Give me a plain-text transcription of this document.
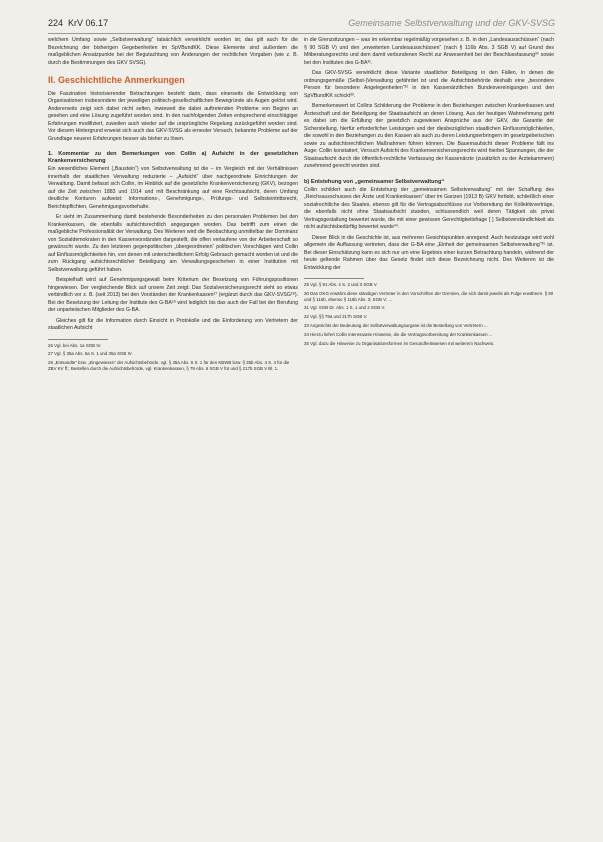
224 KrV 06.17	Gemeinsame Selbstverwaltung und der GKV-SVSG

welchem Umfang sowie „Selbstverwaltung“ tatsächlich verwirklicht worden ist; das gilt auch für die Bezeichnung der bisherigen Gegebenheiten im SpVBundKK. Diese Elemente sind außerdem die maßgeblichen Ansatzpunkte bei der Begutachtung von Änderungen der rechtlichen Vorgaben (wie z. B. durch die Bestimmungen des GKV SVSG).

II. Geschichtliche Anmerkungen

Die Faszination historisierender Betrachtungen besteht darin, dass einerseits die Entwicklung von Organisationen insbesondere der jeweiligen politisch-gesellschaftlichen Bewegründe als Augen gelöst wird. Andererseits zeigt sich dabei nicht selten, inwieweit die dabei auftretenden Probleme von Beginn an gesehen und eine Lösung zugeführt worden sind. In den nachfolgenden Zeiten entsprechend einschlägiger Erfahrungen modifiziert, zuweilen auch wieder auf die ursprüngliche Regelung zurückgeführt worden sind. Vor diesem Hintergrund erweist sich auch das GKV-SVSG als erneuter Versuch, bekannte Probleme auf der Grundlage neuerer Erfahrungen besser als bisher zu lösen.

1. Kommentar zu den Bemerkungen von Collin a) Aufsicht in der gesetzlichen Krankenversicherung

Ein wesentliches Element („Baustein“) von Selbstverwaltung ist die – im Vergleich mit der Verhältnissen innerhalb der staatlichen Verwaltung reduzierte – „Aufsicht“ über nachgeordnete Einrichtungen der Verwaltung. Damit befasst sich Collin, im Hinblick auf die gesetzliche Krankenversicherung (GKV), bezogen auf die Zeit zwischen 1883 und 1914 und mit Beschränkung auf eine Rechtsaufsicht, deren Umfang deutliche Konturen aufweist: Informations-, Genehmigungs-, Prüfungs- und Selbsteintrittsrecht, Berichtspflichten, Genehmigungsvorbehalte.

Er sieht im Zusammenhang damit bestehende Besonderheiten zu den personalen Problemen bei den Krankenkassen, die ebenfalls aufsichtsrechtlich angegangen worden. Das betrifft zum einen die maßgebliche Professionalität der Verwaltung. Des Weiteren wird die Beobachtung unmittelbar der Dominanz von Sozialdemokraten in den Kassenvorständen dargestellt, die offen verlaufene von der Arbeiterschaft so gewünscht wurde. Zu den letzteren gegenpolitischen „übergeordneten“ politischen Vorschlägen wird Collin auf Einflussmöglichkeiten hin, von denen mit unterschiedlichem Erfolg Gebrauch gemacht worden ist und die zum Rückgang aufsichtsrechtlicher Beteiligung am Verwaltungsgeschehen in einer Institution mit Selbstverwaltung geführt haben.

Beispielhaft wird auf Genehmigungsgewalt beim Kriterium der Besetzung von Führungspositionen hingewiesen. Der vergleichende Blick auf unsere Zeit zeigt: Das Sozialversicherungsrecht sieht so etwas verbindlich vor z. B. (seit 2013) bei den Vorständen der Krankenkassen²⁷ (ergänzt durch das GKV-SVSG²⁸). Bei der Besetzung der Leitung der Institute des G-BA²⁹ wird lediglich bis das auch der Fall bei der Berufung der unparteiischen Mitglieder des G-BA.

Gleiches gilt für die Information durch Einsicht in Protokolle und die Einforderung von Vertretern der staatlichen Aufsicht

26 Vgl. bei Abs. 1a SGB IV.

27 Vgl. § 35a Abs. 6a S. 1 und 35a SGB IV.

28 „Entsandte“ bzw. „Eingewiesen“ der Aufsichtsbehörde, vgl. § 35a Abs. 6 S. 1 für den KBWB bzw. § 35b Abs. 4 S. 4 für die ZBV KV ff.; Bestellen durch die Aufsichtsbehörde, vgl. Krankenkassen, § 79 Abs. 6 SGB V für und § 217b SGB V Bl. 1.

in die Grenzsitzungen – was im erkennbar regelmäßig vorgesehen z. B. in den „Landesausschüssen“ (nach § 90 SGB V) und den „erweiterten Landesausschüssen“ (nach § 116b Abs. 3 SGB V) auf Grund des Mitberatungsrechts und dem damit verbundenen Recht zur Anwesenheit bei der Beschlussfassung³⁰ sowie bei den Instituten des G-BA³¹.

Das GKV-SVSG verwirklicht diese Variante staatlicher Beteiligung in den Fällen, in denen die ordnungsgemäße (Selbst-)Verwaltung gefährdet ist und die Aufsichtsbehörde deshalb eine „besondere Person für besondere Angelegenheiten“³² in den Kassenärztlichen Bundesvereinigungen und den SpVBundKK schickt³³.

Bemerkenswert ist Collins Schilderung der Probleme in den Beziehungen zwischen Krankenkassen und Ärzteschaft und der Beteiligung der Staatsaufsicht an deren Lösung. Aus der heutigen Wahrnehmung geht es dabei um die Erfüllung der gesetzlich zugewiesen Ansprüche aus der GKV, die Garantie der Sicherstellung, hierfür erforderlicher Leistungen und der diesbezüglichen staatlichen Einflussmöglichkeiten, die sowohl in den Beziehungen zu den Kassen als auch zu deren Leistungserbringern im gesetzgeberischen sowie zu aufsichtsrechtlichen Maßnahmen führen können. Die Bauernaufsicht dieser Probleme fällt ins Auge: Collin konstatiert, Versuch Aufsicht des Krankenversicherungsrechts wird hierbei Spannungen, die der Staatsaufsicht durch die öffentlich-rechtliche Verfassung der Kassenärzte (zusätzlich zu der Ärztekammern) zunehmend gerecht worden sind.

b) Entstehung von „gemeinsamer Selbstverwaltung“

Collin schildert auch die Entstehung der „gemeinsamen Selbstverwaltung“ mit der Schaffung des „Reichsausschusses der Ärzte und Krankenkassen“ über im Ganzen (1913 B) GKV fortlebt, schließlich einer sozialrechtliche des Staates, ebenso gilt für die Vertragsabschlüsse zur Vorbereitung der Kollektivverträge, die ebenfalls nicht ohne Staatsaufsicht standen, schlussendlich weil deren Tätigkeit als privat Vertragsgestaltung bewertet wurde, die mit einer gewissen Gerechtigkeitsfrage [ ] Selbstverständlichkeit als nicht aufsichtsbedürftig bewertet wurde³⁴.

Dieser Blick in die Geschichte ist, aus mehreren Gesichtspunkten anregend: Auch heutzutage wird wohl allgemein die Auffassung vertreten, dass der G-BA eine „Einheit der gemeinsamen Selbstverwaltung“³⁵ ist. Bei dieser Einschätzung kann es sich nur um eine Ergebnis einer kurzen Betrachtung handeln, während der heute geltende Rahmen über das Gesetz findet sich diese Bezeichnung nicht. Des Weiteren ist die Entwicklung der

29 Vgl. § 91 Abs. 4 S. 2 und 3 SGB V.

30 Das GKG erwähnt diese ständigen Vertreter in den Vorschriften der Gremien, die sich damit jeweils als Folge erwähnen. § 90 und § 116b, ebenso § 116b Abs. 3; SGB V; ...

31 Vgl. SGB Dr. Abs. 1 S. 1 und 2 SGB V.

32 Vgl. §§ 79a und 217h SGB V.

33 Angesichts der Bedeutung der Selbstverwaltungsorgane ist die Bestellung von Vertretern ...

34 Hierzu liefert Collin interessante Hinweise, die die Vertragsvorbereitung der Krankenkassen ...

35 Vgl. dazu die Hinweise zu Organisationsformen im Gesundheitswesen mit weiterem Nachweis.
